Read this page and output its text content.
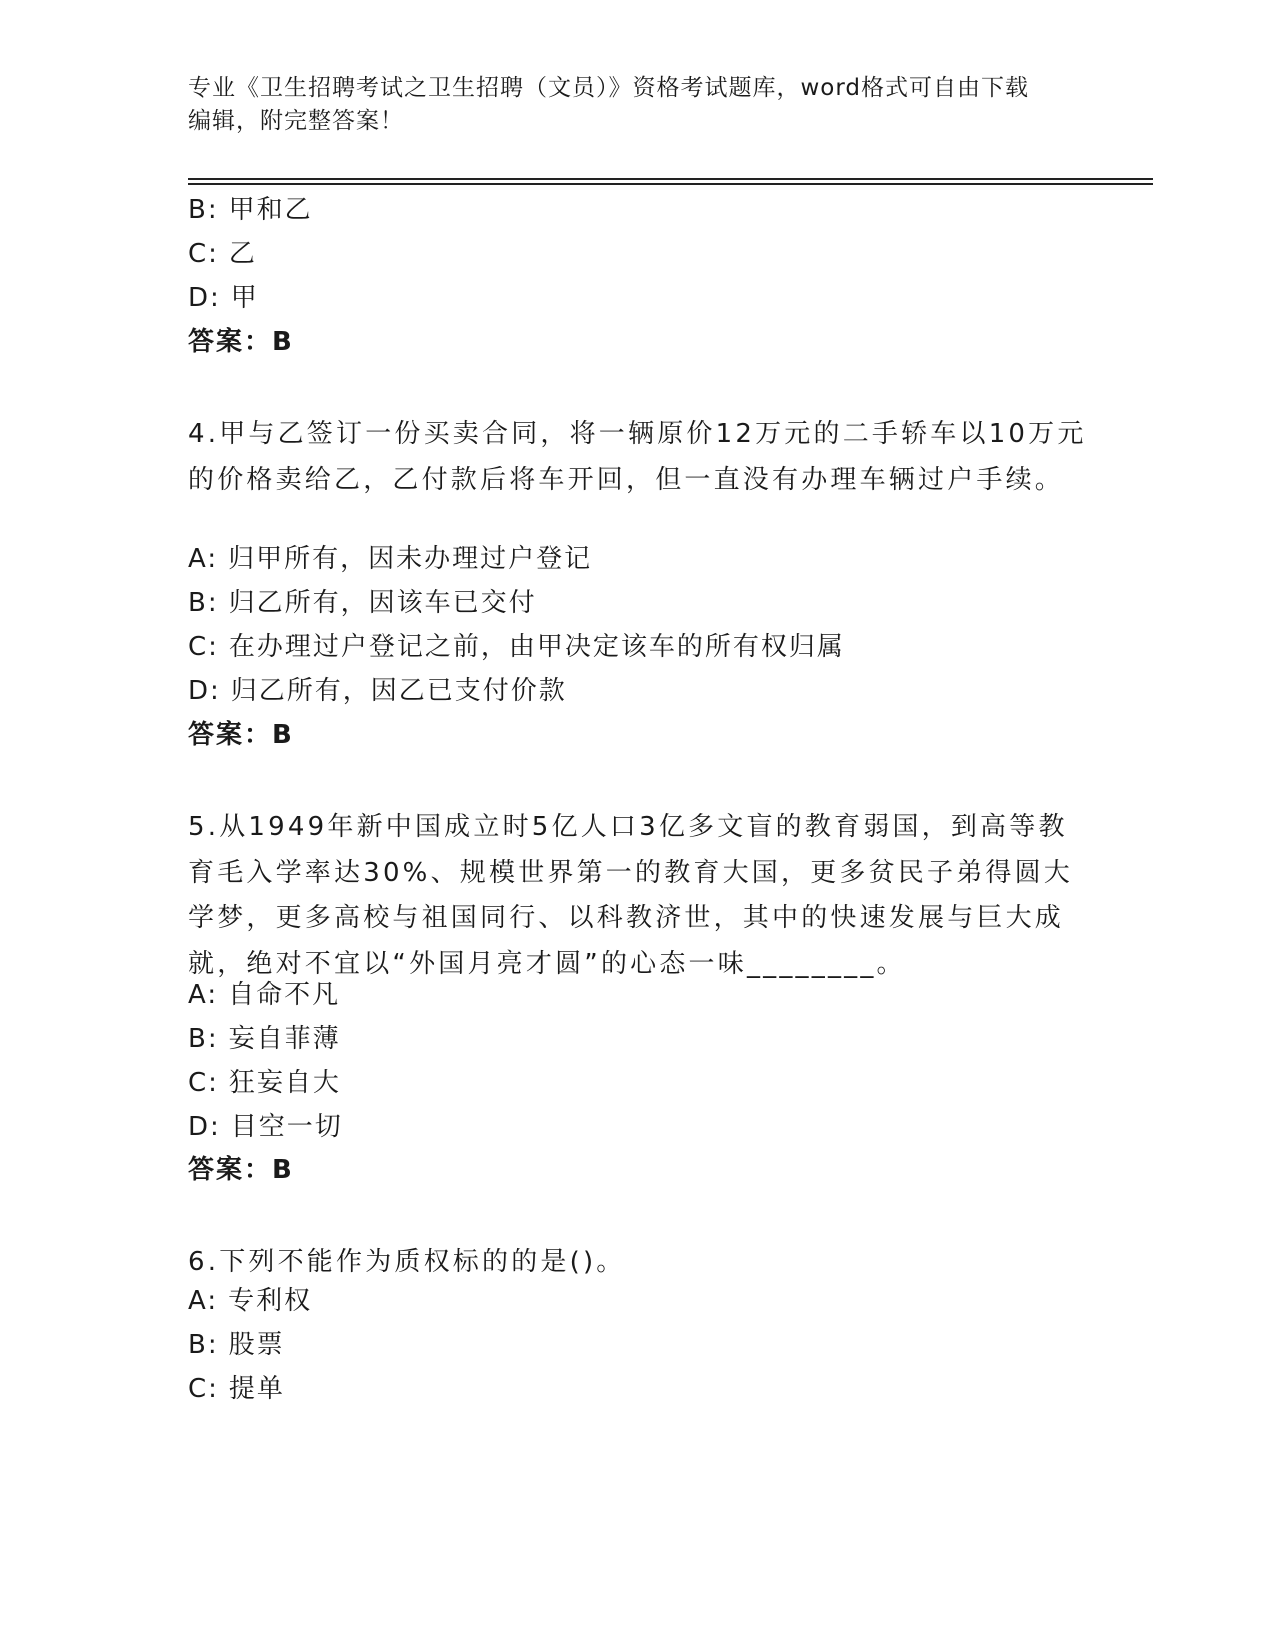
专业《卫生招聘考试之卫生招聘（文员）》资格考试题库，word格式可自由下载
编辑，附完整答案！
B: 甲和乙
C: 乙
D: 甲
答案：B
4.甲与乙签订一份买卖合同，将一辆原价12万元的二手轿车以10万元的价格卖给乙，乙付款后将车开回，但一直没有办理车辆过户手续。
A: 归甲所有，因未办理过户登记
B: 归乙所有，因该车已交付
C: 在办理过户登记之前，由甲决定该车的所有权归属
D: 归乙所有，因乙已支付价款
答案：B
5.从1949年新中国成立时5亿人口3亿多文盲的教育弱国，到高等教育毛入学率达30%、规模世界第一的教育大国，更多贫民子弟得圆大学梦，更多高校与祖国同行、以科教济世，其中的快速发展与巨大成就，绝对不宜以“外国月亮才圆”的心态一味________。
A: 自命不凡
B: 妄自菲薄
C: 狂妄自大
D: 目空一切
答案：B
6.下列不能作为质权标的的是()。
A: 专利权
B: 股票
C: 提单
